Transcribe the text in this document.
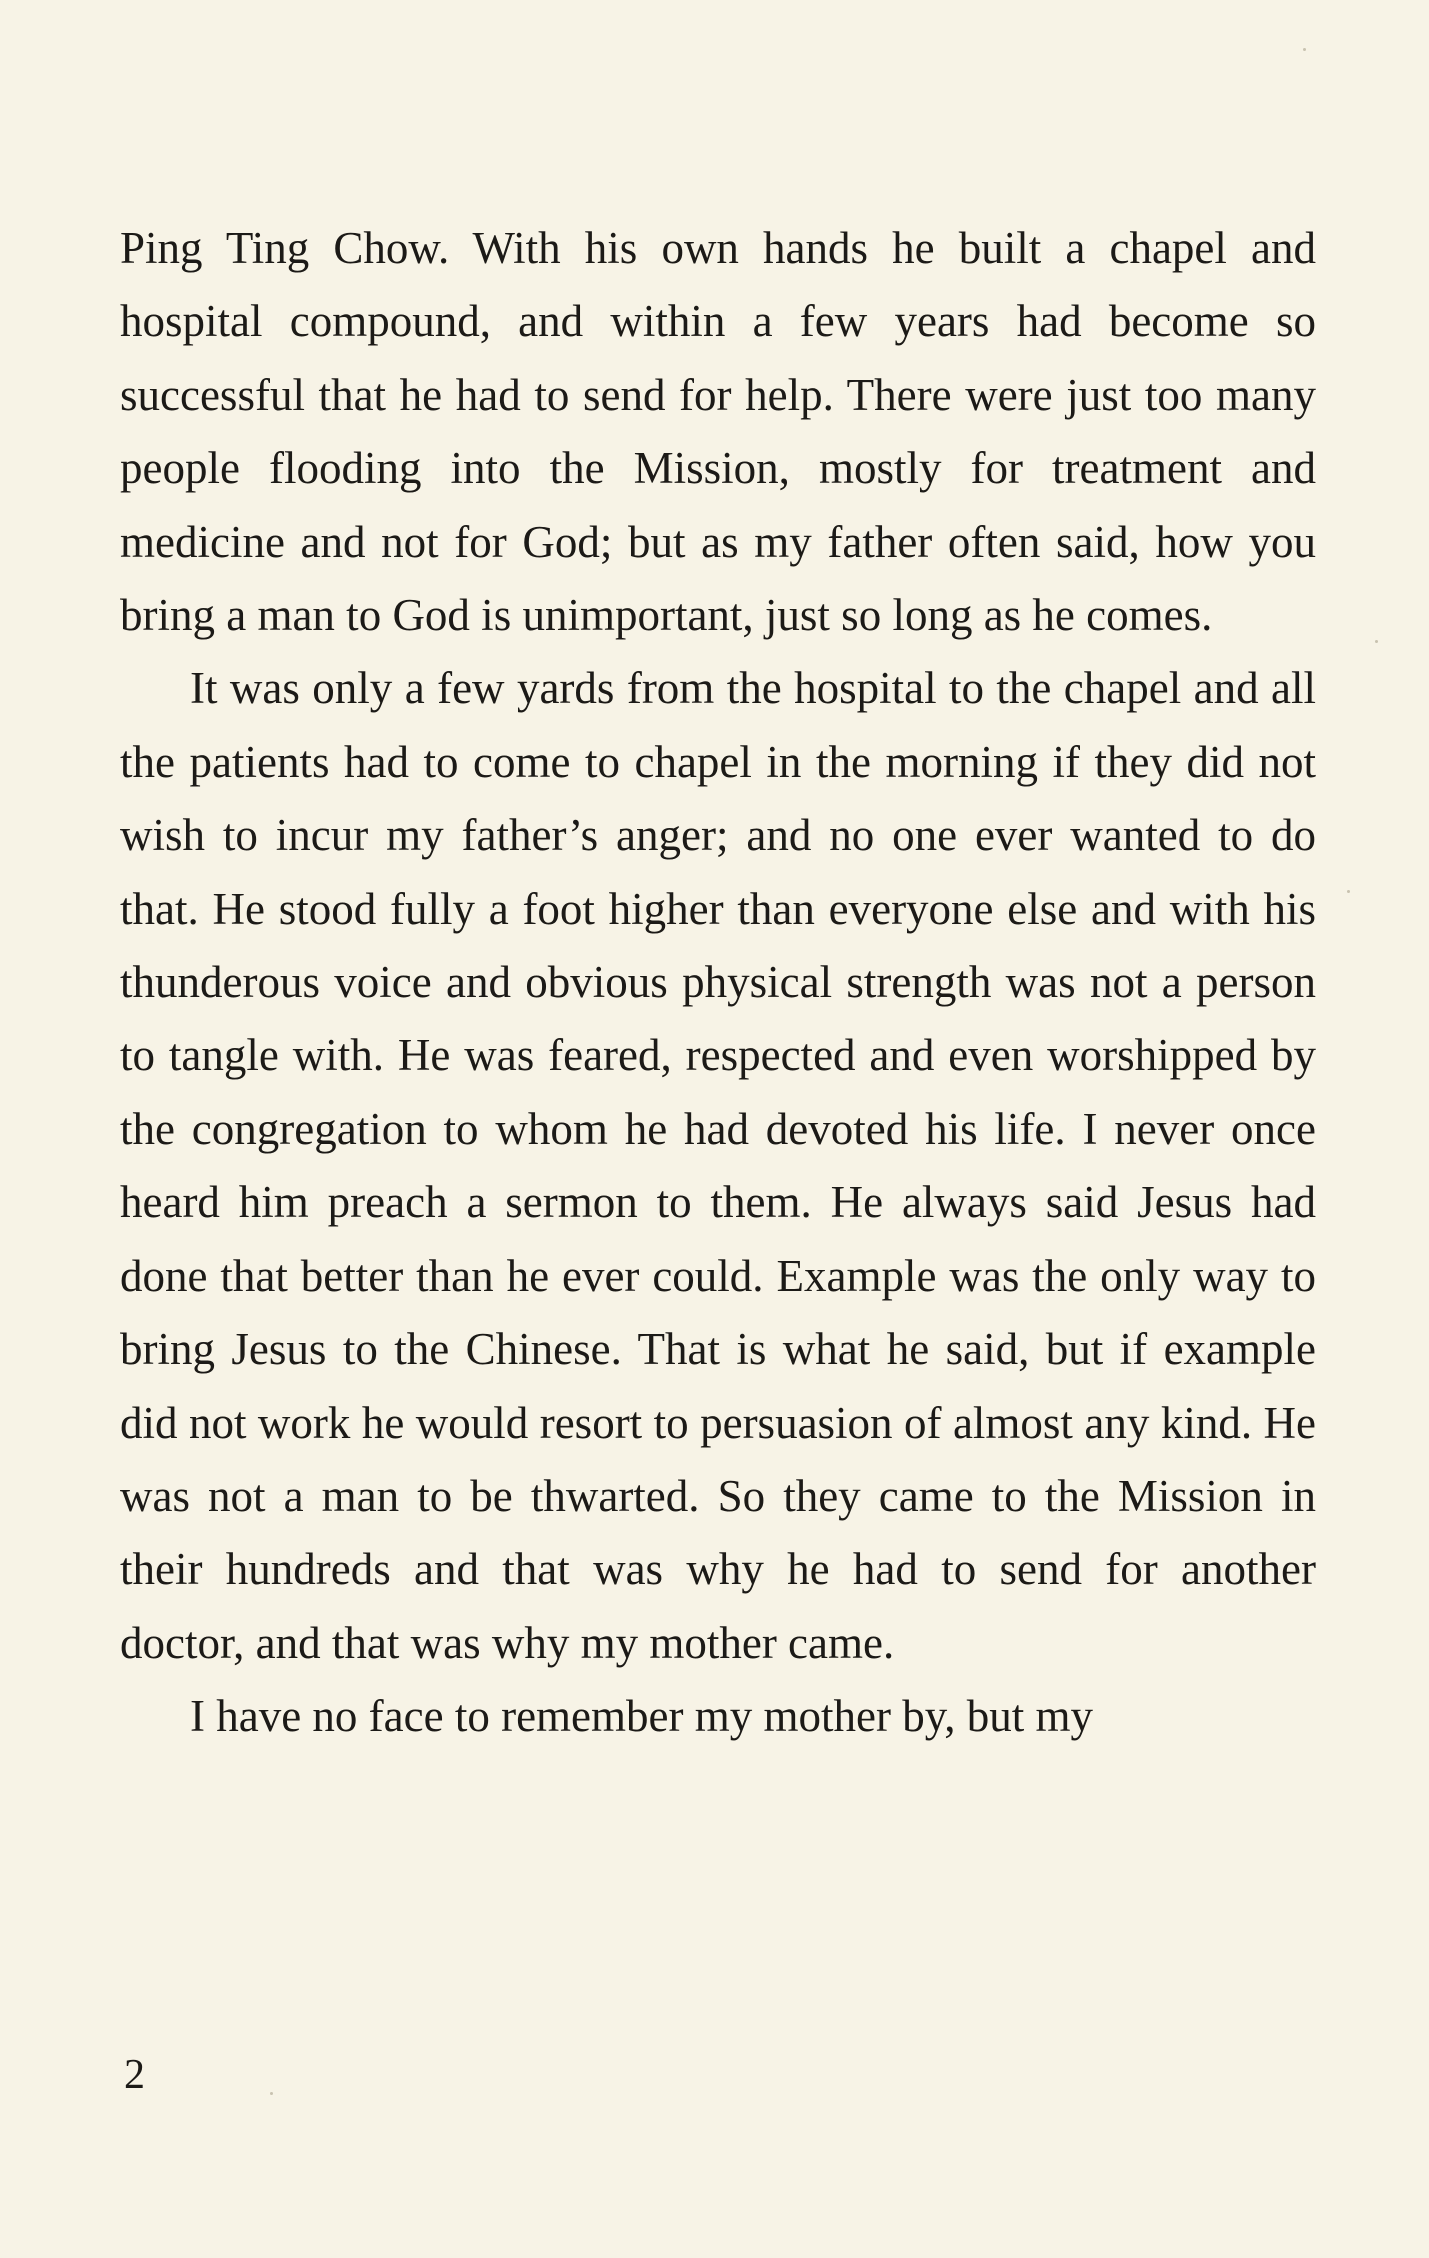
Ping Ting Chow. With his own hands he built a chapel and hospital compound, and within a few years had become so successful that he had to send for help. There were just too many people flooding into the Mission, mostly for treatment and medicine and not for God; but as my father often said, how you bring a man to God is unimportant, just so long as he comes.

It was only a few yards from the hospital to the chapel and all the patients had to come to chapel in the morning if they did not wish to incur my father’s anger; and no one ever wanted to do that. He stood fully a foot higher than everyone else and with his thunderous voice and obvious physical strength was not a person to tangle with. He was feared, respected and even worshipped by the congregation to whom he had devoted his life. I never once heard him preach a sermon to them. He always said Jesus had done that better than he ever could. Example was the only way to bring Jesus to the Chinese. That is what he said, but if example did not work he would resort to persuasion of almost any kind. He was not a man to be thwarted. So they came to the Mission in their hundreds and that was why he had to send for another doctor, and that was why my mother came.

I have no face to remember my mother by, but my

2
